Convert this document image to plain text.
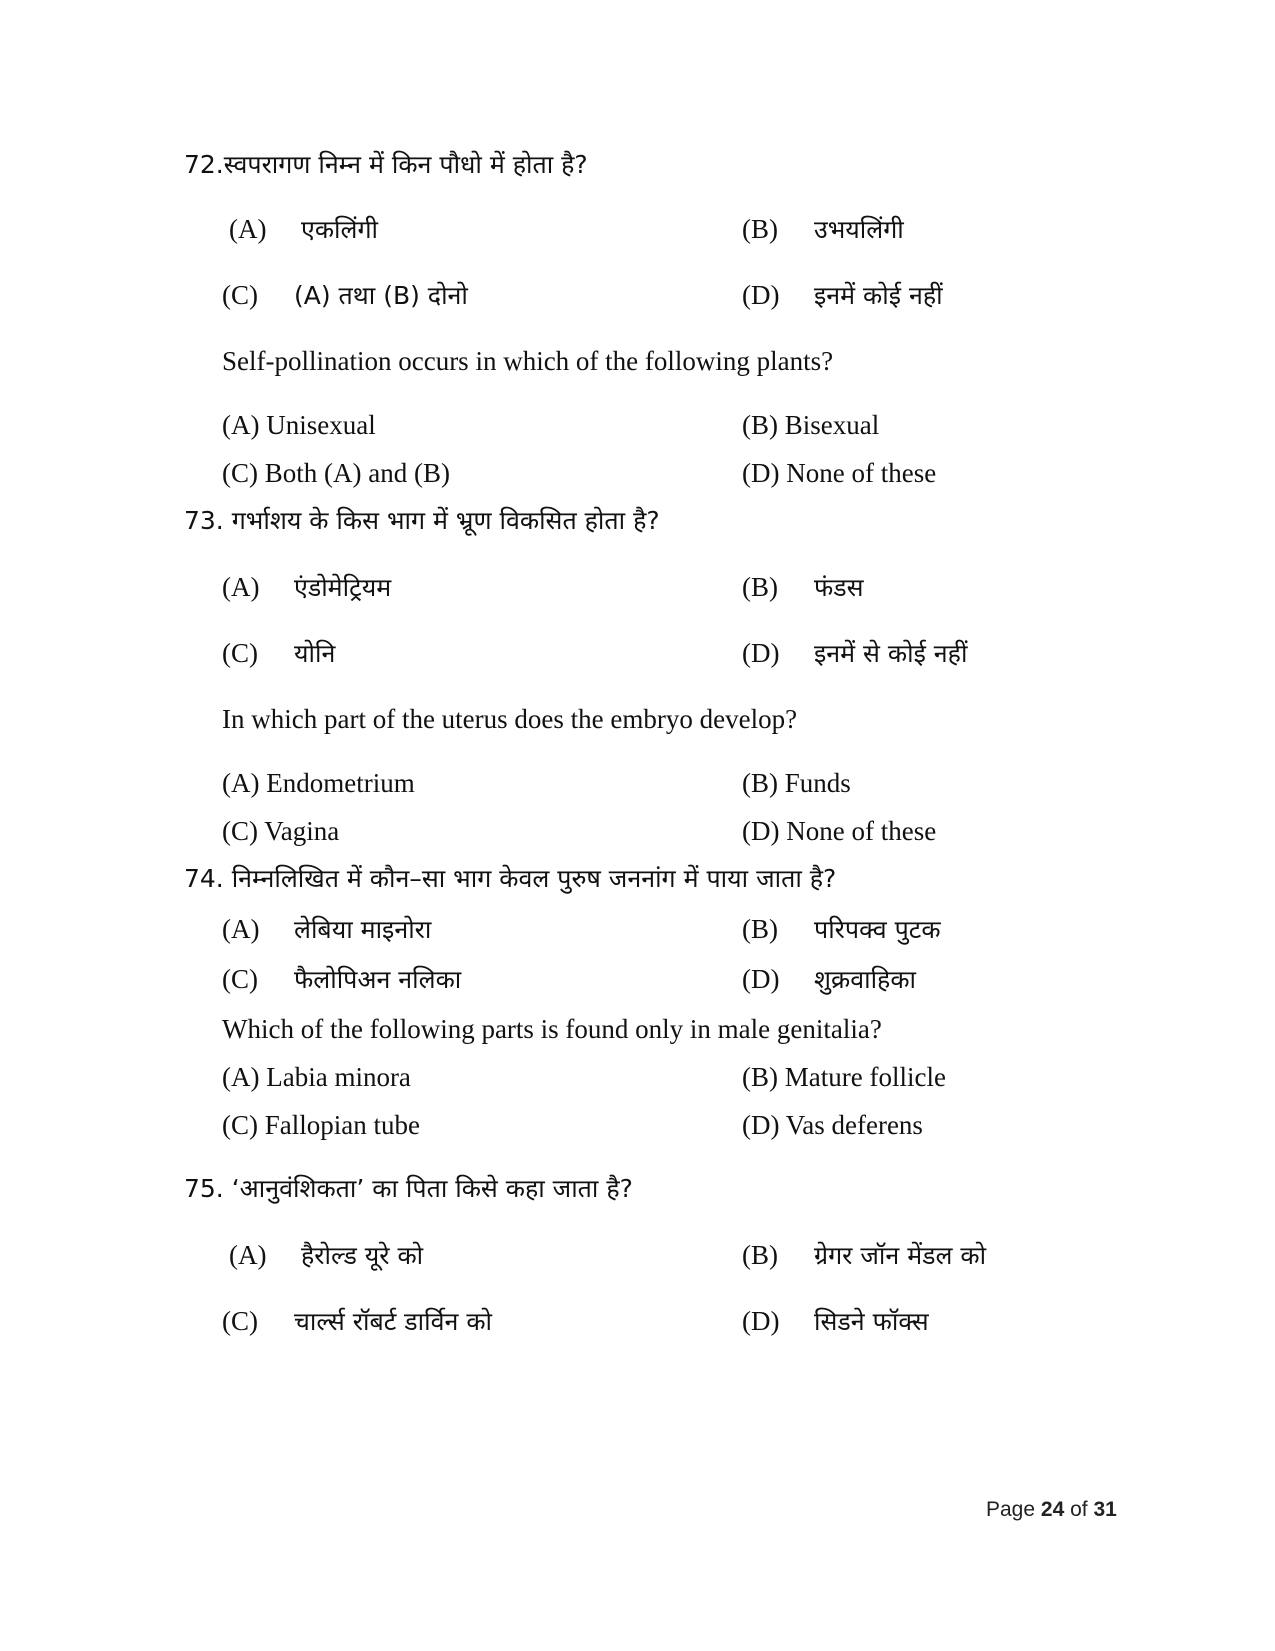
72.स्वपरागण निम्न में किन पौधो में होता है?
(A) एकलिंगी	(B) उभयलिंगी
(C) (A) तथा (B) दोनो	(D) इनमें कोई नहीं
Self-pollination occurs in which of the following plants?
(A) Unisexual	(B) Bisexual
(C) Both (A) and (B)	(D) None of these
73. गर्भाशय के किस भाग में भ्रूण विकसित होता है?
(A) एंडोमेट्रियम	(B) फंडस
(C) योनि	(D) इनमें से कोई नहीं
In which part of the uterus does the embryo develop?
(A) Endometrium	(B) Funds
(C) Vagina	(D) None of these
74. निम्नलिखित में कौन–सा भाग केवल पुरुष जननांग में पाया जाता है?
(A) लेबिया माइनोरा	(B) परिपक्व पुटक
(C) फैलोपिअन नलिका	(D) शुक्रवाहिका
Which of the following parts is found only in male genitalia?
(A) Labia minora	(B) Mature follicle
(C) Fallopian tube	(D) Vas deferens
75. ‘आनुवंशिकता’ का पिता किसे कहा जाता है?
(A) हैरोल्ड यूरे को	(B) ग्रेगर जॉन मेंडल को
(C) चार्ल्स रॉबर्ट डार्विन को	(D) सिडने फॉक्स
Page 24 of 31
